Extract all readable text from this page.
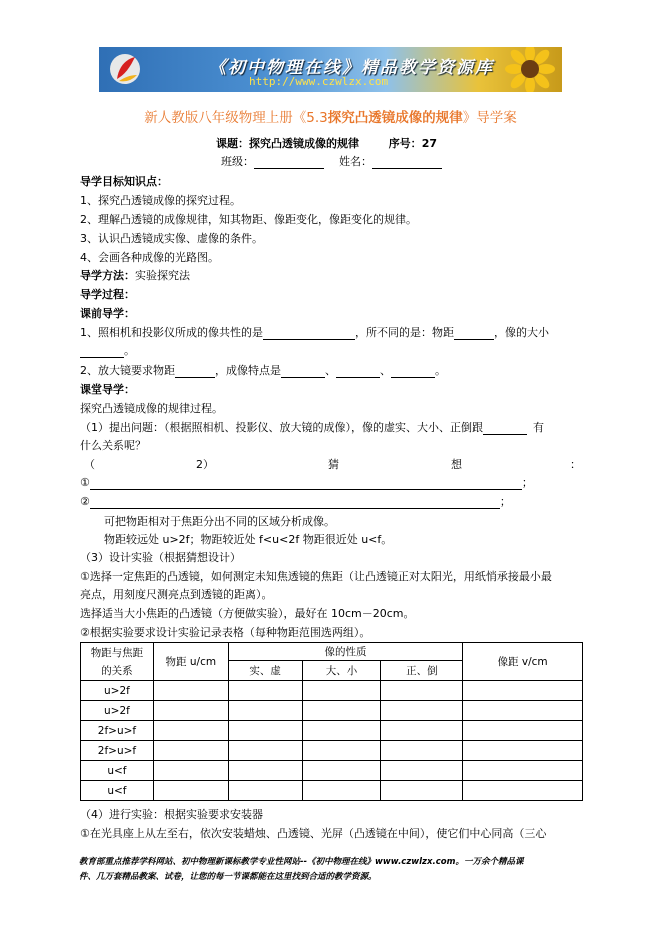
《初中物理在线》精品教学资源库
http://www.czwlzx.com
新人教版八年级物理上册《5.3探究凸透镜成像的规律》导学案
课题：探究凸透镜成像的规律	序号：27
班级：	姓名：
导学目标知识点：
1、探究凸透镜成像的探究过程。
2、理解凸透镜的成像规律，知其物距、像距变化，像距变化的规律。
3、认识凸透镜成实像、虚像的条件。
4、会画各种成像的光路图。
导学方法：实验探究法
导学过程：
课前导学：
1、照相机和投影仪所成的像共性的是	，所不同的是：物距	，像的大小
。
2、放大镜要求物距	，成像特点是	、	、	。
课堂导学：
探究凸透镜成像的规律过程。
（1）提出问题：（根据照相机、投影仪、放大镜的成像），像的虚实、大小、正倒跟	有
什么关系呢？
（	2）	猜	想	：
①	；
②	；
可把物距相对于焦距分出不同的区域分析成像。
物距较远处 u>2f；物距较近处 f<u<2f 物距很近处 u<f。
（3）设计实验（根据猜想设计）
①选择一定焦距的凸透镜，如何测定未知焦透镜的焦距（让凸透镜正对太阳光，用纸悄承接最小最
亮点，用刻度尺测亮点到透镜的距离）。
选择适当大小焦距的凸透镜（方便做实验），最好在 10cm－20cm。
②根据实验要求设计实验记录表格（每种物距范围选两组）。
物距与焦距
的关系	物距 u/cm	像的性质			像距 v/cm
		实、虚	大、小	正、倒	
u>2f					
u>2f					
2f>u>f					
2f>u>f					
u<f					
u<f					
（4）进行实验：根据实验要求安装器
①在光具座上从左至右，依次安装蜡烛、凸透镜、光屏（凸透镜在中间），使它们中心同高（三心
教育部重点推荐学科网站、初中物理新课标教学专业性网站--《初中物理在线》www.czwlzx.com。一万余个精品课
件、几万套精品教案、试卷，让您的每一节课都能在这里找到合适的教学资源。
